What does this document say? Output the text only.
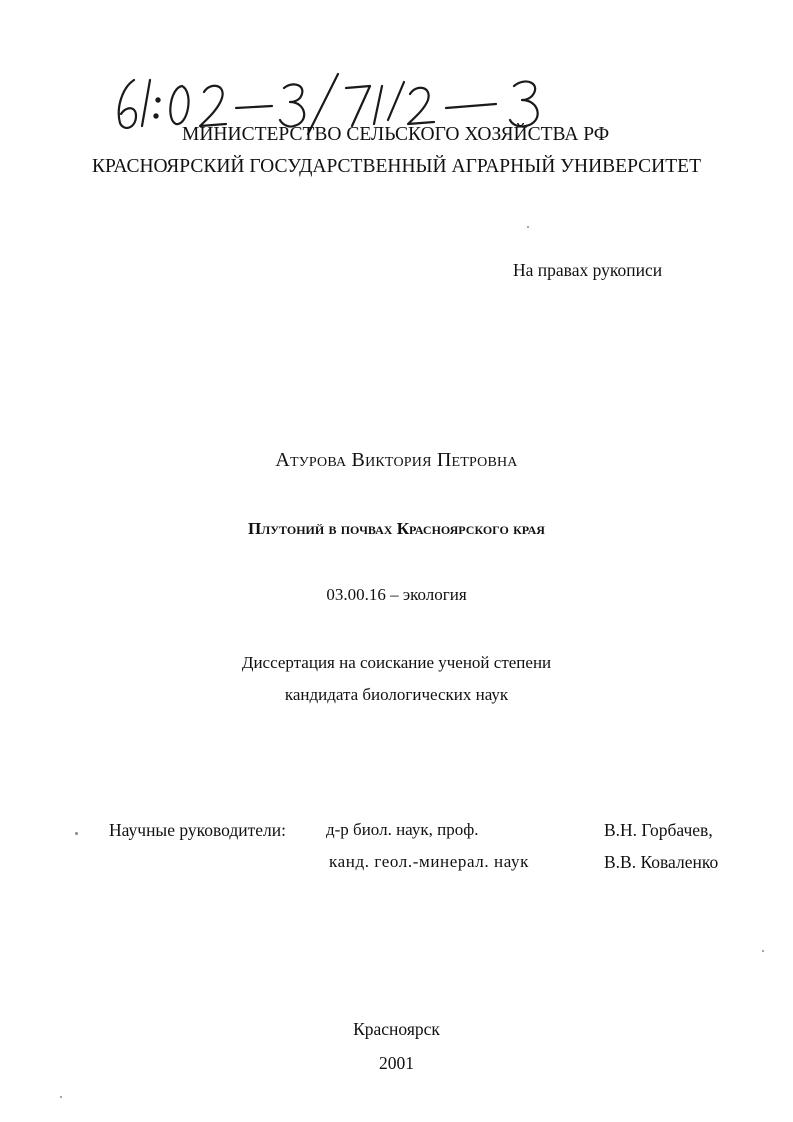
МИНИСТЕРСТВО СЕЛЬСКОГО ХОЗЯЙСТВА РФ
КРАСНОЯРСКИЙ ГОСУДАРСТВЕННЫЙ АГРАРНЫЙ УНИВЕРСИТЕТ
На правах рукописи
Атурова Виктория Петровна
Плутоний в почвах Красноярского края
03.00.16 – экология
Диссертация на соискание ученой степени
кандидата биологических наук
Научные руководители: д-р биол. наук, проф.	В.Н. Горбачев,
канд. геол.-минерал. наук	В.В. Коваленко
Красноярск
2001
